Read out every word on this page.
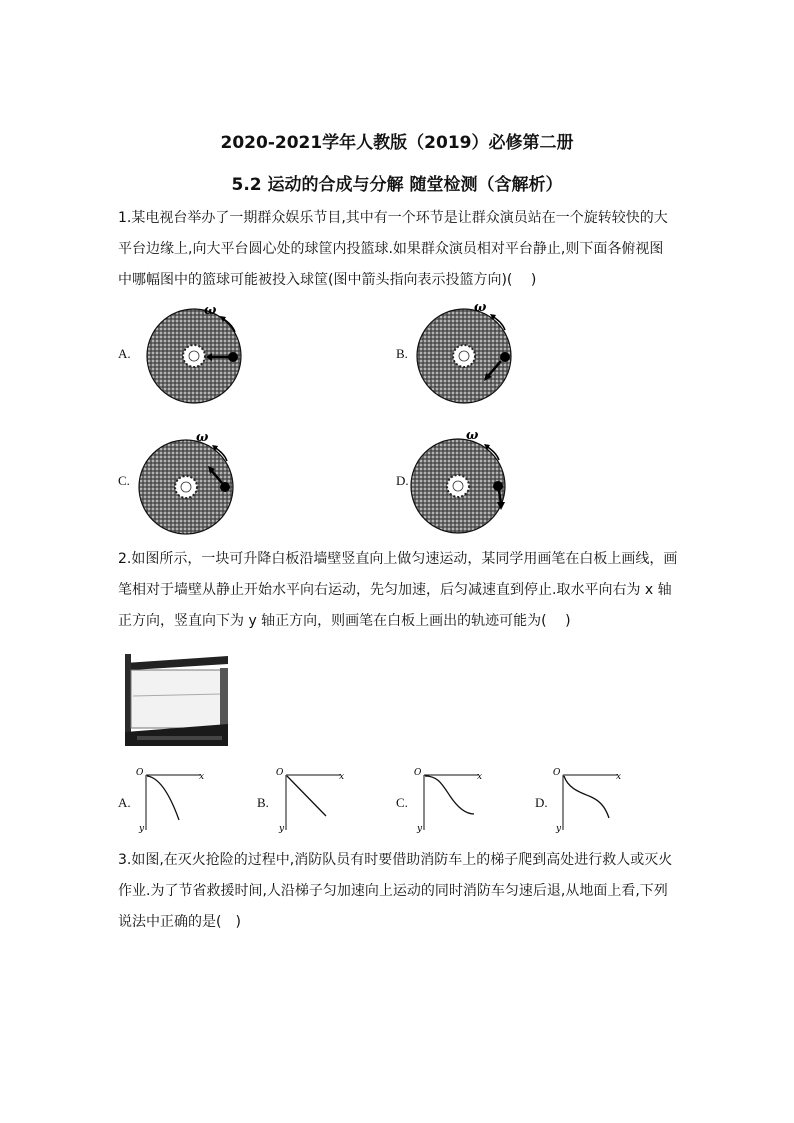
2020-2021学年人教版（2019）必修第二册
5.2 运动的合成与分解 随堂检测（含解析）
1.某电视台举办了一期群众娱乐节目,其中有一个环节是让群众演员站在一个旋转较快的大
平台边缘上,向大平台圆心处的球筐内投篮球.如果群众演员相对平台静止,则下面各俯视图
中哪幅图中的篮球可能被投入球筐(图中箭头指向表示投篮方向)(　 )
A.	B.
C.	D.
ω	ω
ω	ω
2.如图所示，一块可升降白板沿墙壁竖直向上做匀速运动，某同学用画笔在白板上画线，画
笔相对于墙壁从静止开始水平向右运动，先匀加速，后匀减速直到停止.取水平向右为 x 轴
正方向，竖直向下为 y 轴正方向，则画笔在白板上画出的轨迹可能为(　 )
A.	B.	C.	D.
O	x
y
O	x
y
O	x
y
O	x
y
3.如图,在灭火抢险的过程中,消防队员有时要借助消防车上的梯子爬到高处进行救人或灭火
作业.为了节省救援时间,人沿梯子匀加速向上运动的同时消防车匀速后退,从地面上看,下列
说法中正确的是(　)
